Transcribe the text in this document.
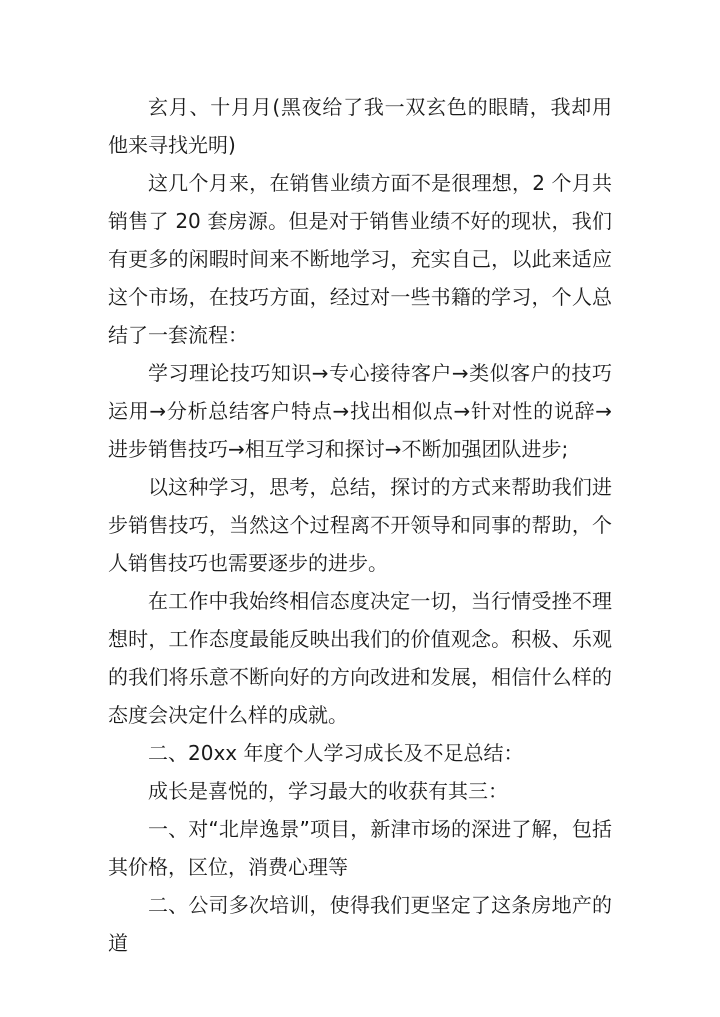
玄月、十月月(黑夜给了我一双玄色的眼睛，我却用他来寻找光明)

这几个月来，在销售业绩方面不是很理想，2 个月共销售了 20 套房源。但是对于销售业绩不好的现状，我们有更多的闲暇时间来不断地学习，充实自己，以此来适应这个市场，在技巧方面，经过对一些书籍的学习，个人总结了一套流程：

学习理论技巧知识→专心接待客户→类似客户的技巧运用→分析总结客户特点→找出相似点→针对性的说辞→进步销售技巧→相互学习和探讨→不断加强团队进步;

以这种学习，思考，总结，探讨的方式来帮助我们进步销售技巧，当然这个过程离不开领导和同事的帮助，个人销售技巧也需要逐步的进步。

在工作中我始终相信态度决定一切，当行情受挫不理想时，工作态度最能反映出我们的价值观念。积极、乐观的我们将乐意不断向好的方向改进和发展，相信什么样的态度会决定什么样的成就。

二、20xx 年度个人学习成长及不足总结：

成长是喜悦的，学习最大的收获有其三：

一、对“北岸逸景”项目，新津市场的深进了解，包括其价格，区位，消费心理等

二、公司多次培训，使得我们更坚定了这条房地产的道
